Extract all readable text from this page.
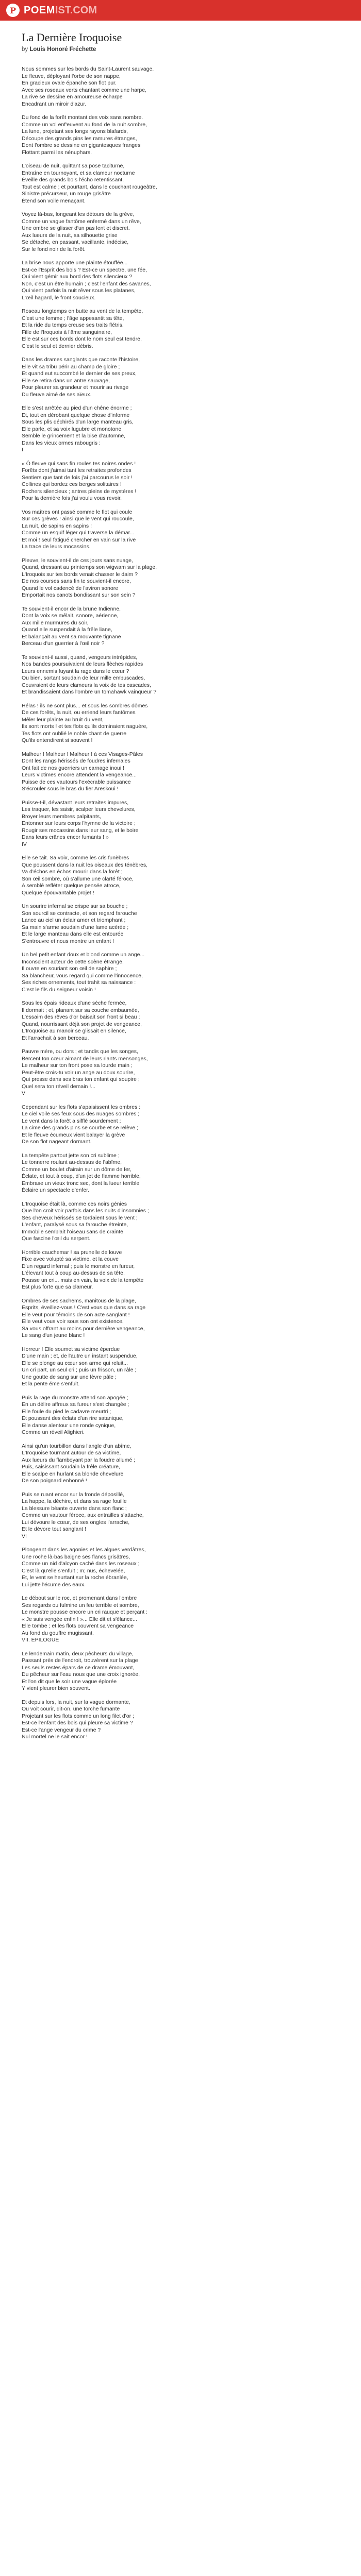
P POEM IST.COM
La Dernière Iroquoise
by Louis Honoré Fréchette
Nous sommes sur les bords du Saint-Laurent sauvage.
Le fleuve, déployant l'orbe de son nappe,
En gracieux ovale épanche son flot pur.
Avec ses roseaux verts chantant comme une harpe,
La rive se dessine en amoureuse écharpe
Encadrant un miroir d'azur.
Du fond de la forêt montant des voix sans nombre.
Comme un vol enf'euvent au fond de la nuit sombre,
La lune, projetant ses longs rayons blafards,
Découpe des grands pins les ramures étranges,
Dont l'ombre se dessine en gigantesques franges
Flottant parmi les nénuphars.
L'oiseau de nuit, quittant sa pose taciturne,
Entraîne en tournoyant, et sa clameur nocturne
Éveille des grands bois l'écho retentissant.
Tout est calme ; et pourtant, dans le couchant rougeâtre,
Sinistre précurseur, un rouge grisâtre
Étend son voile menaçant.
Voyez là-bas, longeant les détours de la grève,
Comme un vague fantôme enfermé dans un rêve,
Une ombre se glisser d'un pas lent et discret.
Aux lueurs de la nuit, sa silhouette grise
Se détache, en passant, vacillante, indécise,
Sur le fond noir de la forêt.
La brise nous apporte une plainte étouffée...
Est-ce l'Esprit des bois ? Est-ce un spectre, une fée,
Qui vient gémir aux bord des flots silencieux ?
Non, c'est un être humain ; c'est l'enfant des savanes,
Qui vient parfois la nuit rêver sous les platanes,
L'œil hagard, le front soucieux.
Roseau longtemps en butte au vent de la tempête,
C'est une femme ; l'âge appesantit sa tête,
Et la ride du temps creuse ses traits flétris.
Fille de l'Iroquois à l'âme sanguinaire,
Elle est sur ces bords dont le nom seul est tendre,
C'est le seul et dernier débris.
Dans les drames sanglants que raconte l'histoire,
Elle vit sa tribu périr au champ de gloire ;
Et quand eut succombé le dernier de ses preux,
Elle se retira dans un antre sauvage,
Pour pleurer sa grandeur et mourir au rivage
Du fleuve aimé de ses aïeux.
Elle s'est arrêtée au pied d'un chêne énorme ;
Et, tout en dérobant quelque chose d'informe
Sous les plis déchirés d'un large manteau gris,
Elle parle, et sa voix lugubre et monotone
Semble le grincement et la bise d'automne,
Dans les vieux ormes rabougris :
I
« Ô fleuve qui sans fin roules tes noires ondes !
Forêts dont j'aimai tant les retraites profondes
Sentiers que tant de fois j'ai parcourus le soir !
Collines qui bordez ces berges solitaires !
Rochers silencieux ; antres pleins de mystères !
Pour la dernière fois j'ai voulu vous revoir.
Vos maîtres ont passé comme le flot qui coule
Sur ces grèves ! ainsi que le vent qui roucoule,
La nuit, de sapins en sapins !
Comme un esquif léger qui traverse la démar...
Et moi ! seul fatigué chercher en vain sur la rive
La trace de leurs mocassins.
Pleuve, le souvient-il de ces jours sans nuage,
Quand, dressant au printemps son wigwam sur la plage,
L'Iroquois sur tes bords venait chasser le daim ?
De nos courses sans fin te souvient-il encore,
Quand le vol cadencé de l'aviron sonore
Emportait nos canots bondissant sur son sein ?
Te souvient-il encor de la brune Indienne,
Dont la voix se mêlait, sonore, aérienne,
Aux mille murmures du soir,
Quand elle suspendait à la frêle liane,
Et balançait au vent sa mouvante tignane
Berceau d'un guerrier à l'œil noir ?
Te souvient-il aussi, quand, vengeurs intrépides,
Nos bandes poursuivaient de leurs flèches rapides
Leurs ennemis fuyant la rage dans le cœur ?
Ou bien, sortant soudain de leur mille embuscades,
Couvraient de leurs clameurs la voix de tes cascades,
Et brandissaient dans l'ombre un tomahawk vainqueur ?
Hélas ! ils ne sont plus... et sous les sombres dômes
De ces forêts, la nuit, ou erriend leurs fantômes
Mêler leur plainte au bruit du vent,
Ils sont morts ! et tes flots qu'ils dominaient naguère,
Tes flots ont oublié le noble chant de guerre
Qu'ils entendirent si souvent !
Malheur ! Malheur ! Malheur ! à ces Visages-Pâles
Dont les rangs hérissés de foudres infernales
Ont fait de nos guerriers un carnage inoui !
Leurs victimes encore attendent la vengeance...
Puisse de ces vautours l'exécrable puissance
S'écrouler sous le bras du fier Areskoui !
Puisse-t-il, dévastant leurs retraites impures,
Les traquer, les saisir, scalper leurs chevelures,
Broyer leurs membres palpitants,
Entonner sur leurs corps l'hymne de la victoire ;
Rougir ses mocassins dans leur sang, et le boire
Dans leurs crânes encor fumants ! »
IV
Elle se tait. Sa voix, comme les cris funèbres
Que poussent dans la nuit les oiseaux des ténèbres,
Va d'échos en échos mourir dans la forêt ;
Son œil sombre, où s'allume une clarté féroce,
A semblé refléter quelque pensée atroce,
Quelque épouvantable projet !
Un sourire infernal se crispe sur sa bouche ;
Son sourcil se contracte, et son regard farouche
Lance au ciel un éclair amer et triomphant ;
Sa main s'arme soudain d'une lame acérée ;
Et le large manteau dans elle est entourée
S'entrouvre et nous montre un enfant !
Un bel petit enfant doux et blond comme un ange...
Inconscient acteur de cette scène étrange,
Il ouvre en souriant son œil de saphire ;
Sa blancheur, vous regard qui comme l'innocence,
Ses riches ornements, tout trahit sa naissance :
C'est le fils du seigneur voisin !
Sous les épais rideaux d'une sèche fermée,
Il dormait ; et, planant sur sa couche embaumée,
L'essaim des rêves d'or baisait son front si beau ;
Quand, nourrissant déjà son projet de vengeance,
L'Iroquoise au manoir se glissait en silence,
Et l'arrachait à son berceau.
Pauvre mère, ou dors ; et tandis que les songes,
Bercent ton cœur aimant de leurs riants mensonges,
Le malheur sur ton front pose sa lourde main ;
Peut-être crois-tu voir un ange au doux sourire,
Qui presse dans ses bras ton enfant qui soupire ;
Quel sera ton réveil demain !...
V
Cependant sur les flots s'apaisissent les ombres :
Le ciel voile ses feux sous des nuages sombres ;
Le vent dans la forêt a sifflé sourdement ;
La cime des grands pins se courbe et se relève ;
Et le fleuve écumeux vient balayer la grève
De son flot nageant dormant.
La tempête partout jette son cri sublime ;
Le tonnerre roulant au-dessus de l'abîme,
Comme un boulet d'airain sur un dôme de fer,
Éclate, et tout à coup, d'un jet de flamme horrible,
Embrase un vieux tronc sec, dont la lueur terrible
Éclaire un spectacle d'enfer.
L'Iroquoise était là, comme ces noirs génies
Que l'on croit voir parfois dans les nuits d'insomnies ;
Ses cheveux hérissés se tordaient sous le vent ;
L'enfant, paralysé sous sa farouche étreinte,
Immobile semblait l'oiseau sans de crainte
Que fascine l'œil du serpent.
Horrible cauchemar ! sa prunelle de louve
Fixe avec volupté sa victime, et la couve
D'un regard infernal ; puis le monstre en fureur,
L'élevant tout à coup au-dessus de sa tête,
Pousse un cri... mais en vain, la voix de la tempête
Est plus forte que sa clameur.
Ombres de ses sachems, manitous de la plage,
Esprits, éveillez-vous ! C'est vous que dans sa rage
Elle veut pour témoins de son acte sanglant !
Elle veut vous voir sous son ont existence,
Sa vous offrant au moins pour dernière vengeance,
Le sang d'un jeune blanc !
Horreur ! Elle soumet sa victime éperdue
D'une main ; et, de l'autre un instant suspendue,
Elle se plonge au cœur son arme qui reluit...
Un cri part, un seul cri ; puis un frisson, un râle ;
Une goutte de sang sur une lèvre pâle ;
Et la pente éme s'enfuit.
Puis la rage du monstre attend son apogée ;
En un délire affreux sa fureur s'est changée ;
Elle foule du pied le cadavre meurtri ;
Et poussant des éclats d'un rire satanique,
Elle danse alentour une ronde cynique,
Comme un réveil Alighieri.
Ainsi qu'un tourbillon dans l'angle d'un abîme,
L'Iroquoise tournant autour de sa victime,
Aux lueurs du flamboyant par la foudre allumé ;
Puis, saisissant soudain la frêle créature,
Elle scalpe en hurlant sa blonde chevelure
De son poignard enhonné !
Puis se ruant encor sur la fronde déposillé,
La happe, la déchire, et dans sa rage fouille
La blessure béante ouverte dans son flanc ;
Comme un vautour féroce, aux entrailles s'attache,
Lui dévoure le cœur, de ses ongles l'arrache,
Et le dévore tout sanglant !
VI
Plongeant dans les agonies et les algues verdâtres,
Une roche là-bas baigne ses flancs grisâtres,
Comme un nid d'alcyon caché dans les roseaux ;
C'est là qu'elle s'enfuit ; m; nus, échevelée,
Et, le vent se heurtant sur la roche ébranlée,
Lui jette l'écume des eaux.
Le débout sur le roc, et promenant dans l'ombre
Ses regards ou fulmine un feu terrible et sombre,
Le monstre pousse encore un cri rauque et perçant :
« Je suis vengée enfin ! »... Elle dit et s'élance...
Elle tombe ; et les flots couvrent sa vengeance
Au fond du gouffre mugissant.
VII. EPILOGUE
Le lendemain matin, deux pêcheurs du village,
Passant près de l'endroit, trouvèrent sur la plage
Les seuls restes épars de ce drame émouvant,
Du pêcheur sur l'eau nous que une croix ignorée,
Et l'on dit que le soir une vague éplorée
Y vient pleurer bien souvent.
Et depuis lors, la nuit, sur la vague dormante,
Ou voit courir, dit-on, une torche fumante
Projetant sur les flots comme un long filet d'or ;
Est-ce l'enfant des bois qui pleure sa victime ?
Est-ce l'ange vengeur du crime ?
Nul mortel ne le sait encor !
